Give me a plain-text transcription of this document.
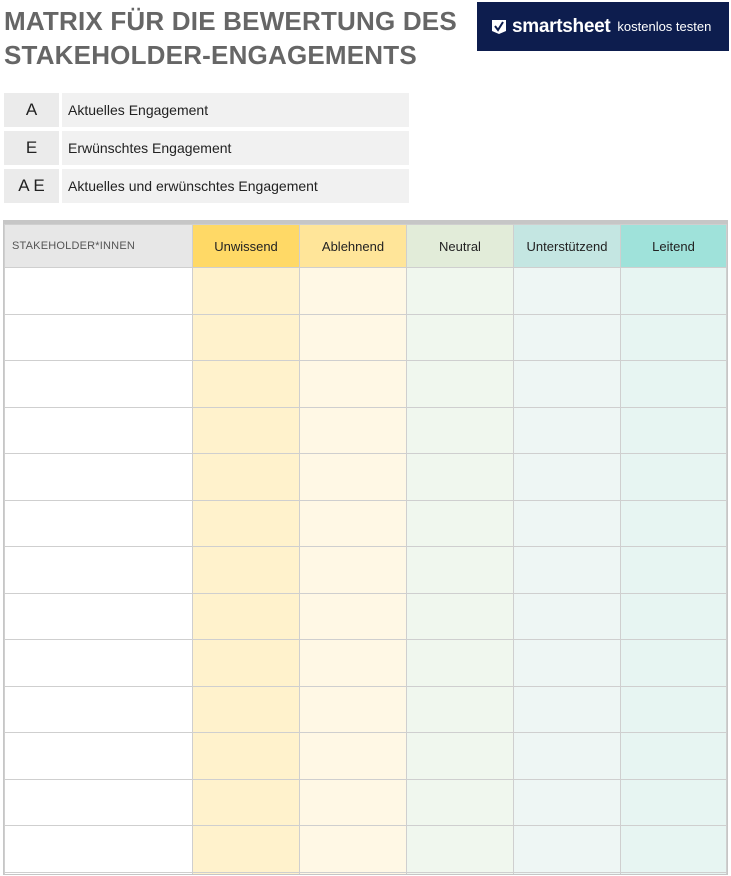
MATRIX FÜR DIE BEWERTUNG DES
STAKEHOLDER-ENGAGEMENTS
smartsheet kostenlos testen
A	Aktuelles Engagement
E	Erwünschtes Engagement
A E	Aktuelles und erwünschtes Engagement
STAKEHOLDER*INNEN	Unwissend	Ablehnend	Neutral	Unterstützend	Leitend
